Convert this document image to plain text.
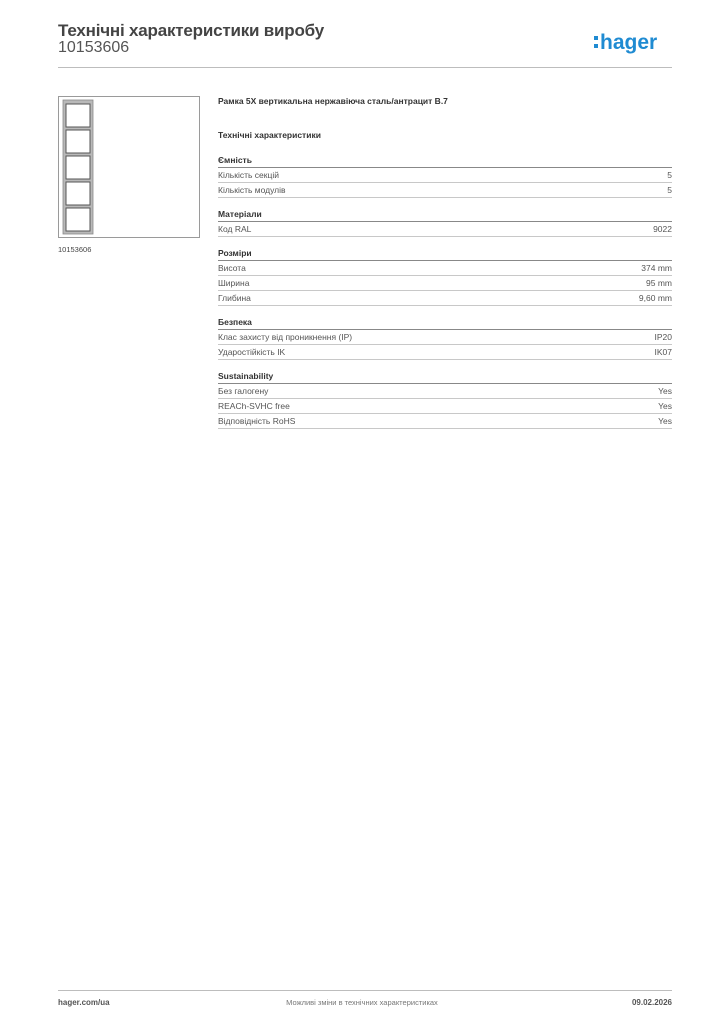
Технічні характеристики виробу
10153606	hager
10153606
Рамка 5Х вертикальна нержавіюча сталь/антрацит В.7
Технічні характеристики
Ємність
Кількість секцій	5
Кількість модулів	5
Матеріали
Код RAL	9022
Розміри
Висота	374 mm
Ширина	95 mm
Глибина	9,60 mm
Безпека
Клас захисту від проникнення (IP)	IP20
Ударостійкість IK	IK07
Sustainability
Без галогену	Yes
REACh-SVHC free	Yes
Відповідність RoHS	Yes
hager.com/ua	Можливі зміни в технічних характеристиках	09.02.2026
